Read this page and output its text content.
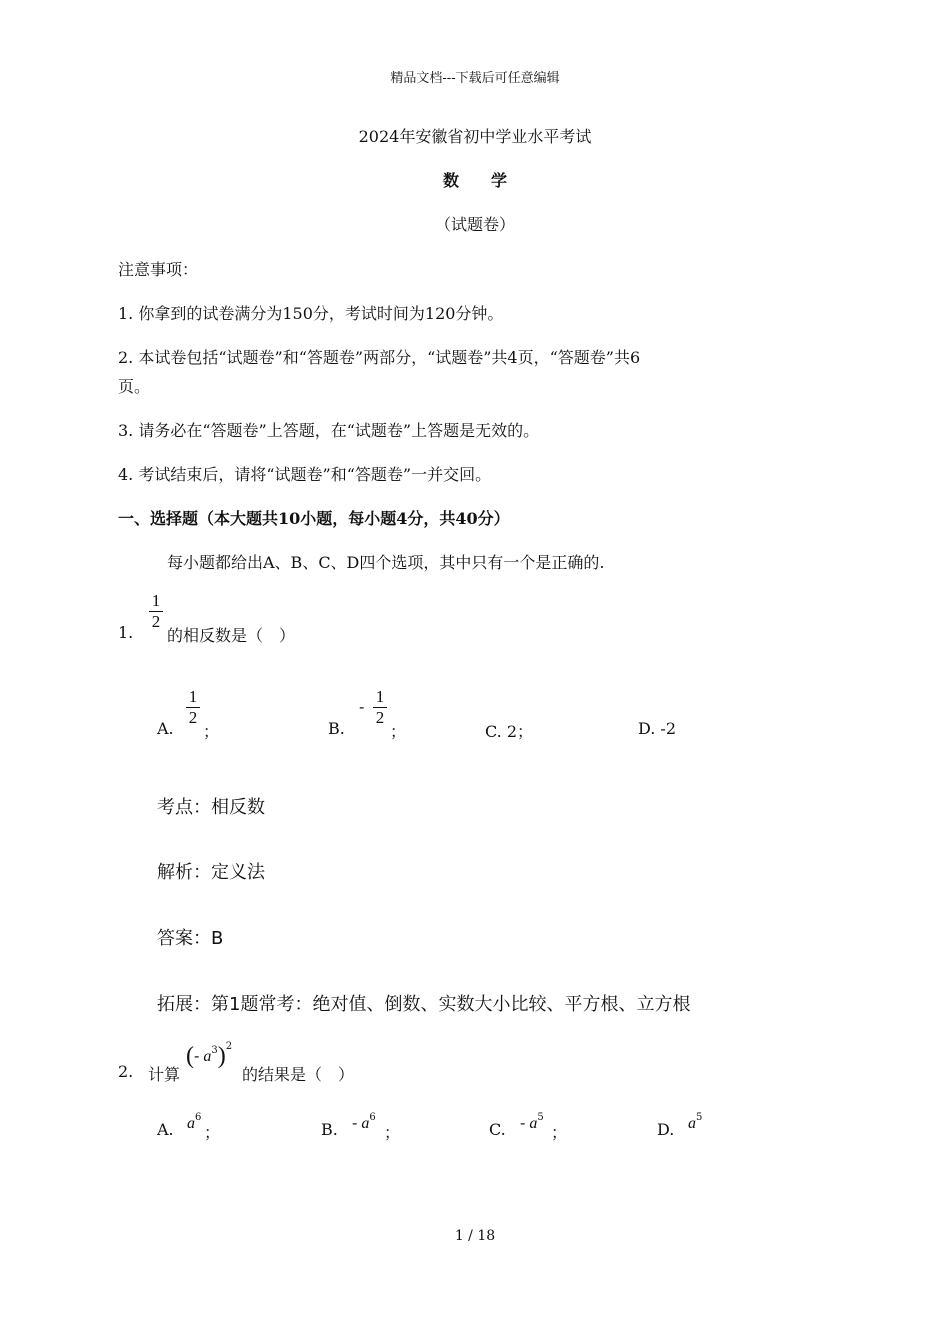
精品文档---下载后可任意编辑
2024年安徽省初中学业水平考试
数　　学
（试题卷）
注意事项：
1. 你拿到的试卷满分为150分，考试时间为120分钟。
2. 本试卷包括“试题卷”和“答题卷”两部分，“试题卷”共4页，“答题卷”共6
页。
3. 请务必在“答题卷”上答题，在“试题卷”上答题是无效的。
4. 考试结束后，请将“试题卷”和“答题卷”一并交回。
一、选择题（本大题共10小题，每小题4分，共40分）
每小题都给出A、B、C、D四个选项，其中只有一个是正确的.
1.
1
2
的相反数是（　）
A.
1
2
；	B.
-
1
2
；	C. 2；	D. -2
考点：相反数
解析：定义法
答案：B
拓展：第1题常考：绝对值、倒数、实数大小比较、平方根、立方根
2. 计算
(- $a^3)^2$
的结果是（　）
A. $a^6$
；	B. - $a^6$
；	C. - $a^5$
；	D. $a^5$
1 / 18
